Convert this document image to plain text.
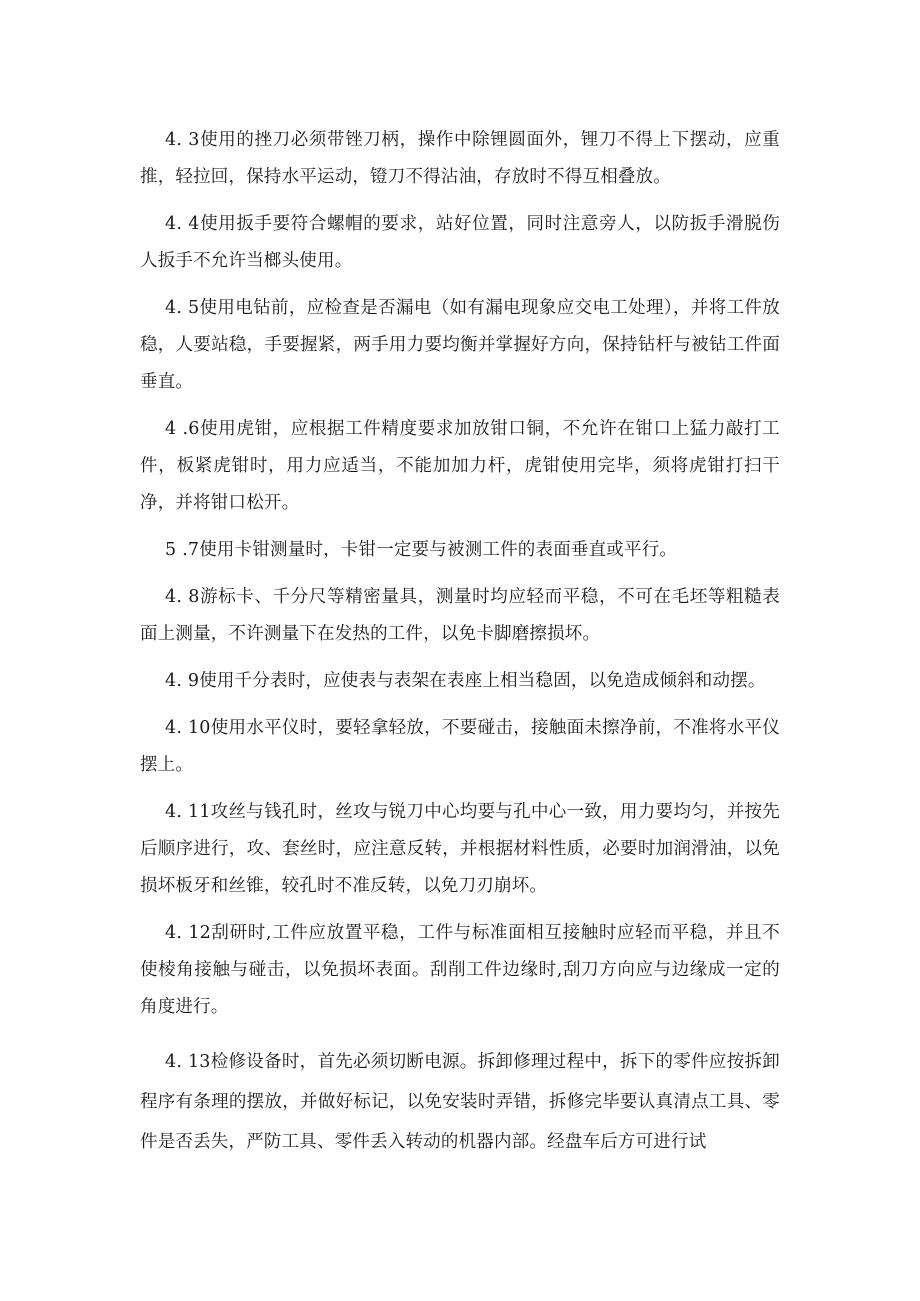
4. 3使用的挫刀必须带锉刀柄，操作中除锂圆面外，锂刀不得上下摆动，应重推，轻拉回，保持水平运动，镫刀不得沾油，存放时不得互相叠放。

4. 4使用扳手要符合螺帽的要求，站好位置，同时注意旁人，以防扳手滑脱伤人扳手不允许当榔头使用。

4. 5使用电钻前，应检查是否漏电（如有漏电现象应交电工处理），并将工件放稳，人要站稳，手要握紧，两手用力要均衡并掌握好方向，保持钻杆与被钻工件面垂直。

4 .6使用虎钳，应根据工件精度要求加放钳口铜，不允许在钳口上猛力敲打工件，板紧虎钳时，用力应适当，不能加加力杆，虎钳使用完毕，须将虎钳打扫干净，并将钳口松开。

5 .7使用卡钳测量时，卡钳一定要与被测工件的表面垂直或平行。

4. 8游标卡、千分尺等精密量具，测量时均应轻而平稳，不可在毛坯等粗糙表面上测量，不许测量下在发热的工件，以免卡脚磨擦损坏。

4. 9使用千分表时，应使表与表架在表座上相当稳固，以免造成倾斜和动摆。

4. 10使用水平仪时，要轻拿轻放，不要碰击，接触面未擦净前，不准将水平仪摆上。

4. 11攻丝与钱孔时，丝攻与锐刀中心均要与孔中心一致，用力要均匀，并按先后顺序进行，攻、套丝时，应注意反转，并根据材料性质，必要时加润滑油，以免损坏板牙和丝锥，较孔时不准反转，以免刀刃崩坏。

4. 12刮研时,工件应放置平稳，工件与标准面相互接触时应轻而平稳，并且不使棱角接触与碰击，以免损坏表面。刮削工件边缘时,刮刀方向应与边缘成一定的角度进行。

4. 13检修设备时，首先必须切断电源。拆卸修理过程中，拆下的零件应按拆卸程序有条理的摆放，并做好标记，以免安装时弄错，拆修完毕要认真清点工具、零件是否丢失，严防工具、零件丢入转动的机器内部。经盘车后方可进行试
